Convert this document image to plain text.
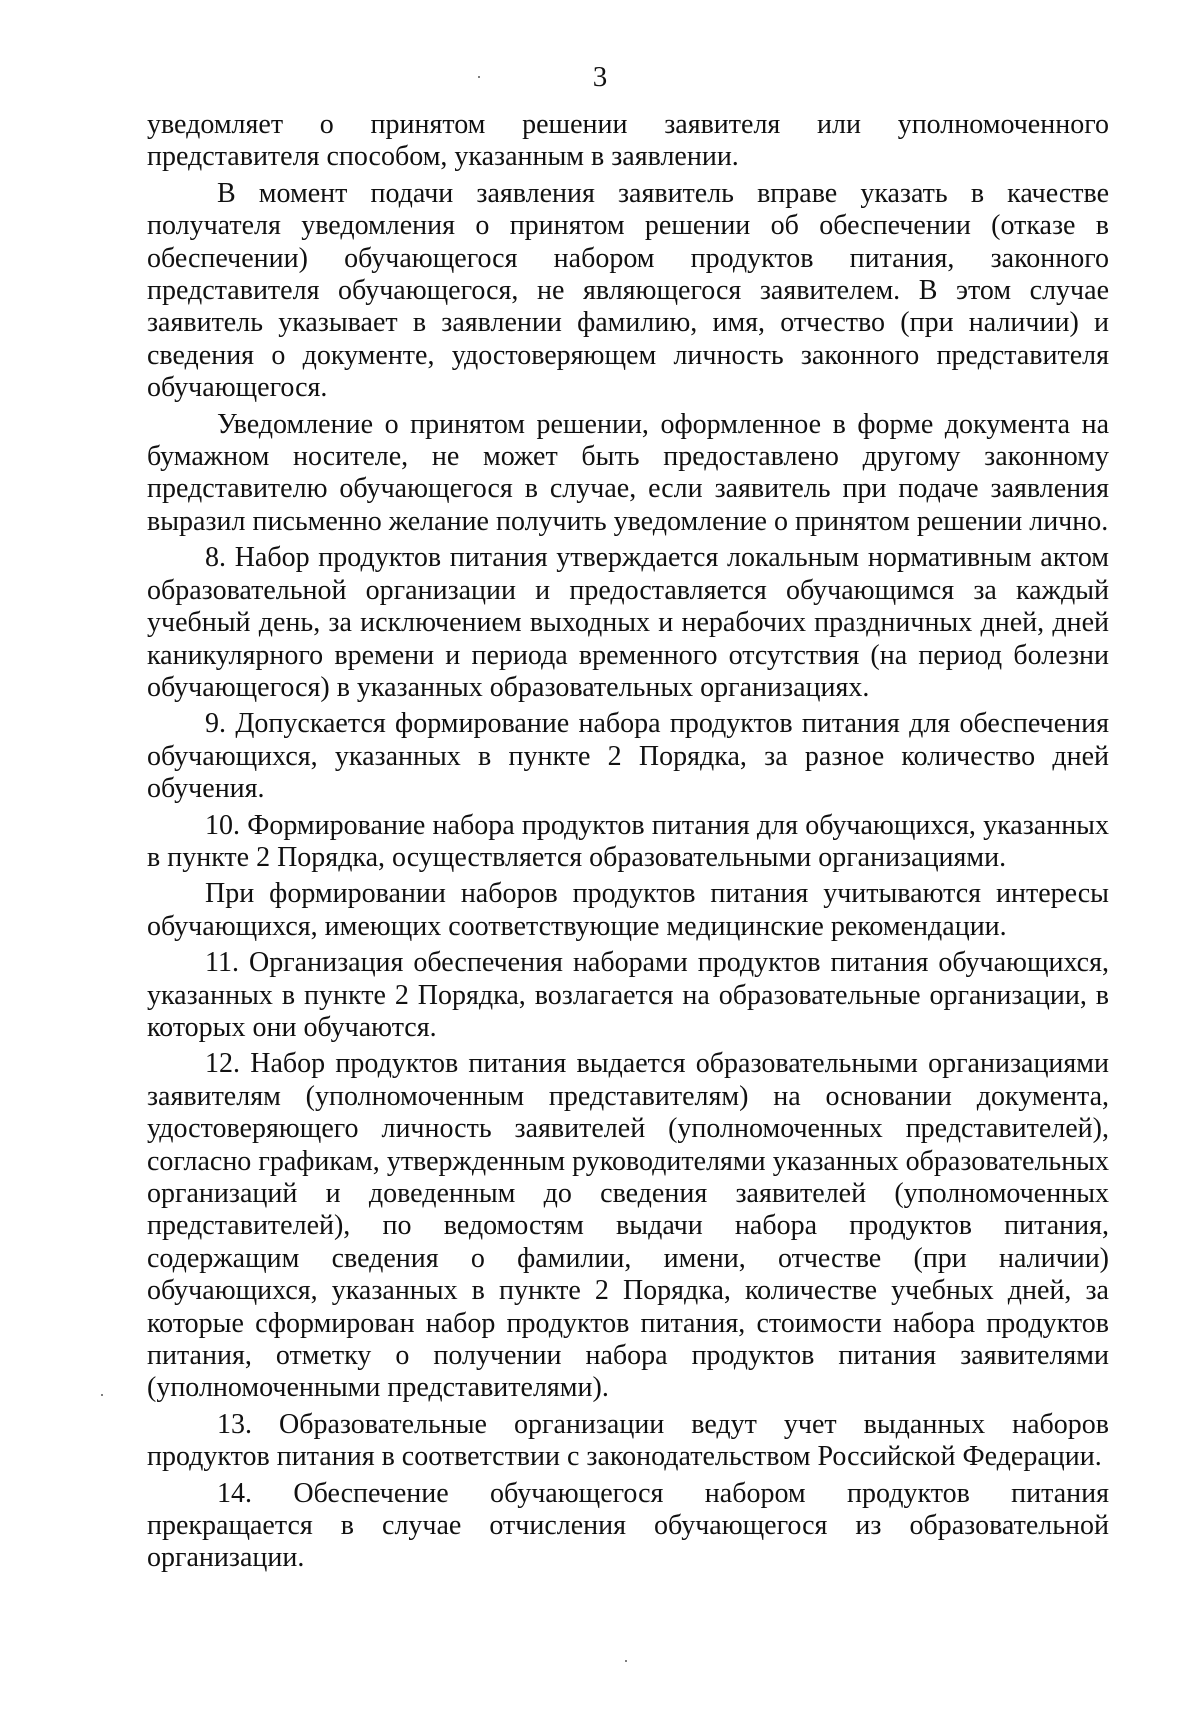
3

уведомляет о принятом решении заявителя или уполномоченного представителя способом, указанным в заявлении.

В момент подачи заявления заявитель вправе указать в качестве получателя уведомления о принятом решении об обеспечении (отказе в обеспечении) обучающегося набором продуктов питания, законного представителя обучающегося, не являющегося заявителем. В этом случае заявитель указывает в заявлении фамилию, имя, отчество (при наличии) и сведения о документе, удостоверяющем личность законного представителя обучающегося.

Уведомление о принятом решении, оформленное в форме документа на бумажном носителе, не может быть предоставлено другому законному представителю обучающегося в случае, если заявитель при подаче заявления выразил письменно желание получить уведомление о принятом решении лично.

8. Набор продуктов питания утверждается локальным нормативным актом образовательной организации и предоставляется обучающимся за каждый учебный день, за исключением выходных и нерабочих праздничных дней, дней каникулярного времени и периода временного отсутствия (на период болезни обучающегося) в указанных образовательных организациях.

9. Допускается формирование набора продуктов питания для обеспечения обучающихся, указанных в пункте 2 Порядка, за разное количество дней обучения.

10. Формирование набора продуктов питания для обучающихся, указанных в пункте 2 Порядка, осуществляется образовательными организациями.

При формировании наборов продуктов питания учитываются интересы обучающихся, имеющих соответствующие медицинские рекомендации.

11. Организация обеспечения наборами продуктов питания обучающихся, указанных в пункте 2 Порядка, возлагается на образовательные организации, в которых они обучаются.

12. Набор продуктов питания выдается образовательными организациями заявителям (уполномоченным представителям) на основании документа, удостоверяющего личность заявителей (уполномоченных представителей), согласно графикам, утвержденным руководителями указанных образовательных организаций и доведенным до сведения заявителей (уполномоченных представителей), по ведомостям выдачи набора продуктов питания, содержащим сведения о фамилии, имени, отчестве (при наличии) обучающихся, указанных в пункте 2 Порядка, количестве учебных дней, за которые сформирован набор продуктов питания, стоимости набора продуктов питания, отметку о получении набора продуктов питания заявителями (уполномоченными представителями).

13. Образовательные организации ведут учет выданных наборов продуктов питания в соответствии с законодательством Российской Федерации.

14. Обеспечение обучающегося набором продуктов питания прекращается в случае отчисления обучающегося из образовательной организации.
